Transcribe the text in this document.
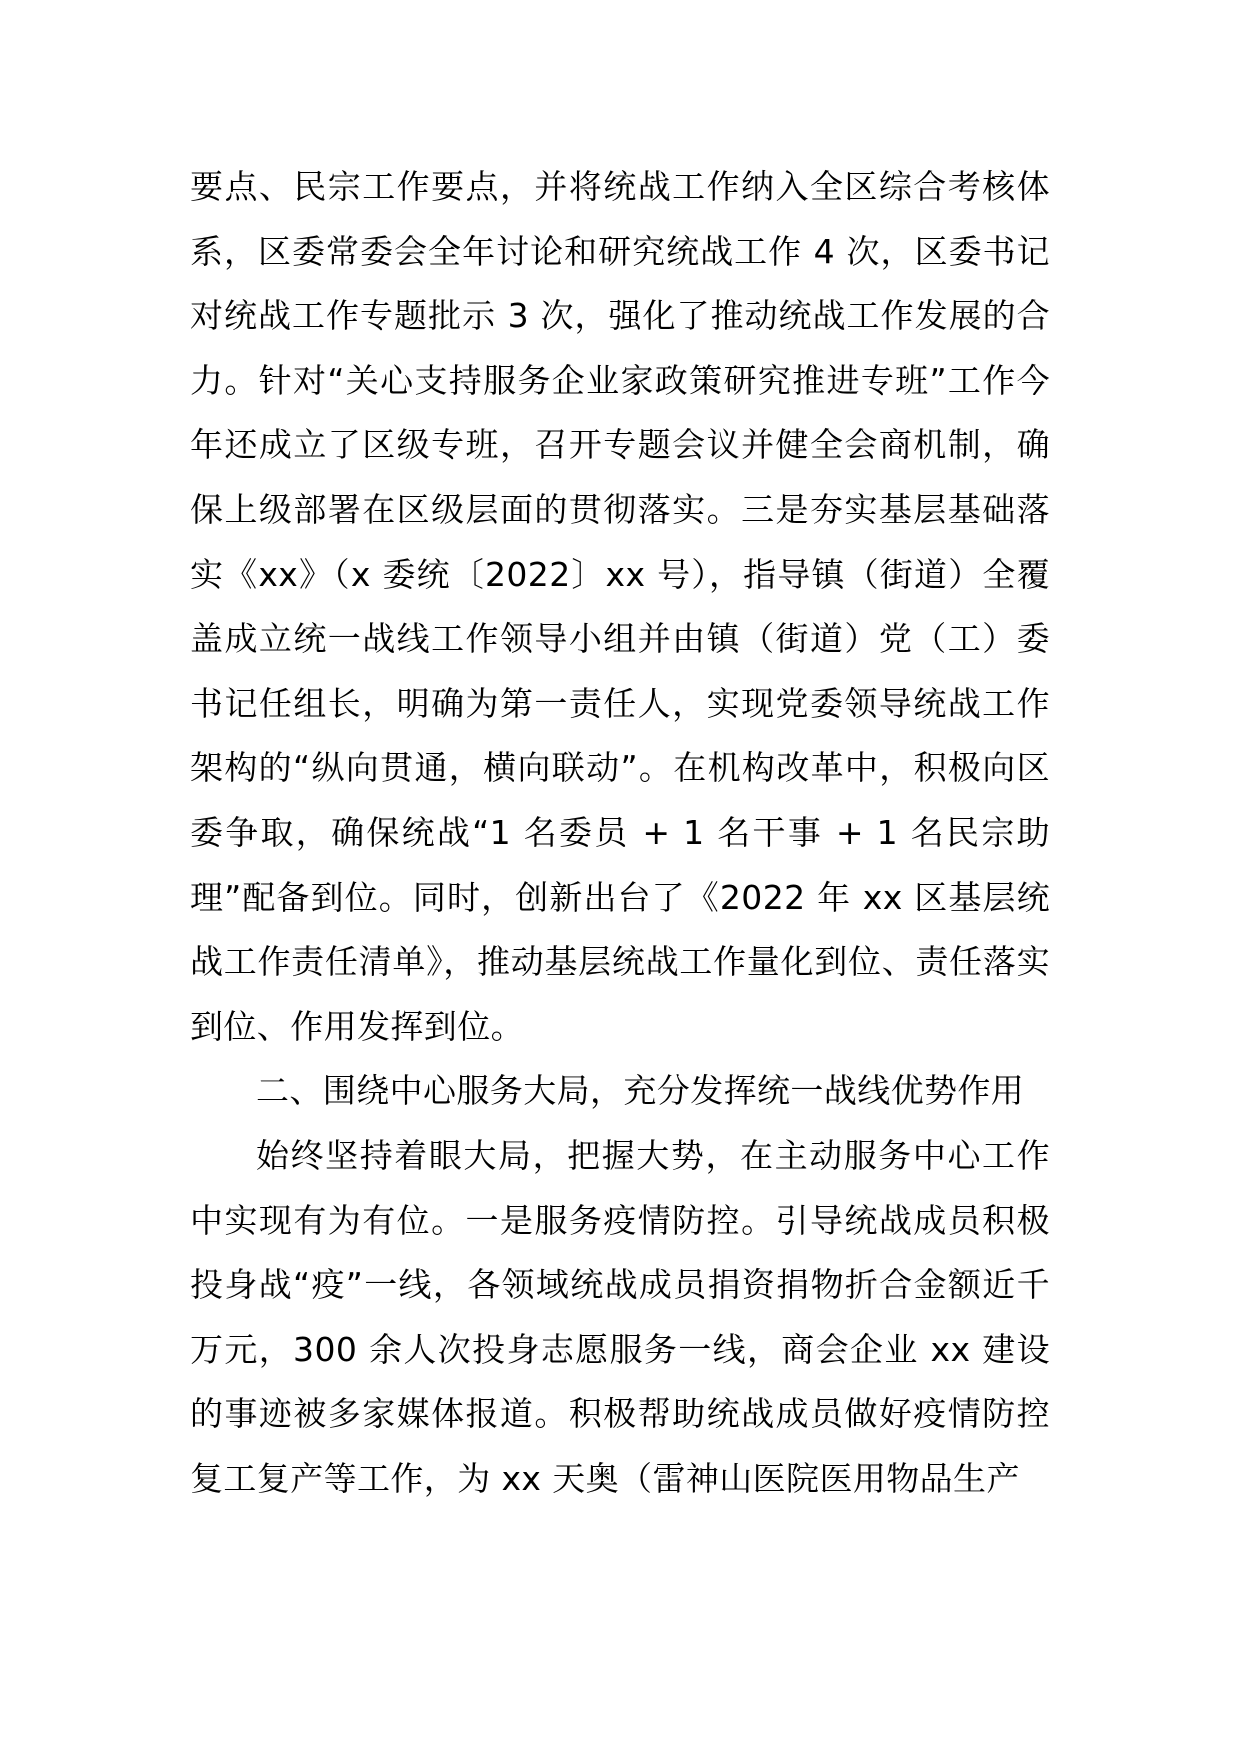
要点、民宗工作要点，并将统战工作纳入全区综合考核体系，区委常委会全年讨论和研究统战工作 4 次，区委书记对统战工作专题批示 3 次，强化了推动统战工作发展的合力。针对“关心支持服务企业家政策研究推进专班”工作今年还成立了区级专班，召开专题会议并健全会商机制，确保上级部署在区级层面的贯彻落实。三是夯实基层基础落实《xx》（x 委统〔2022〕xx 号），指导镇（街道）全覆盖成立统一战线工作领导小组并由镇（街道）党（工）委书记任组长，明确为第一责任人，实现党委领导统战工作架构的“纵向贯通，横向联动”。在机构改革中，积极向区委争取，确保统战“1 名委员 + 1 名干事 + 1 名民宗助理”配备到位。同时，创新出台了《2022 年 xx 区基层统战工作责任清单》，推动基层统战工作量化到位、责任落实到位、作用发挥到位。

二、围绕中心服务大局，充分发挥统一战线优势作用

始终坚持着眼大局，把握大势，在主动服务中心工作中实现有为有位。一是服务疫情防控。引导统战成员积极投身战“疫”一线，各领域统战成员捐资捐物折合金额近千万元，300 余人次投身志愿服务一线，商会企业 xx 建设的事迹被多家媒体报道。积极帮助统战成员做好疫情防控复工复产等工作，为 xx 天奥（雷神山医院医用物品生产
